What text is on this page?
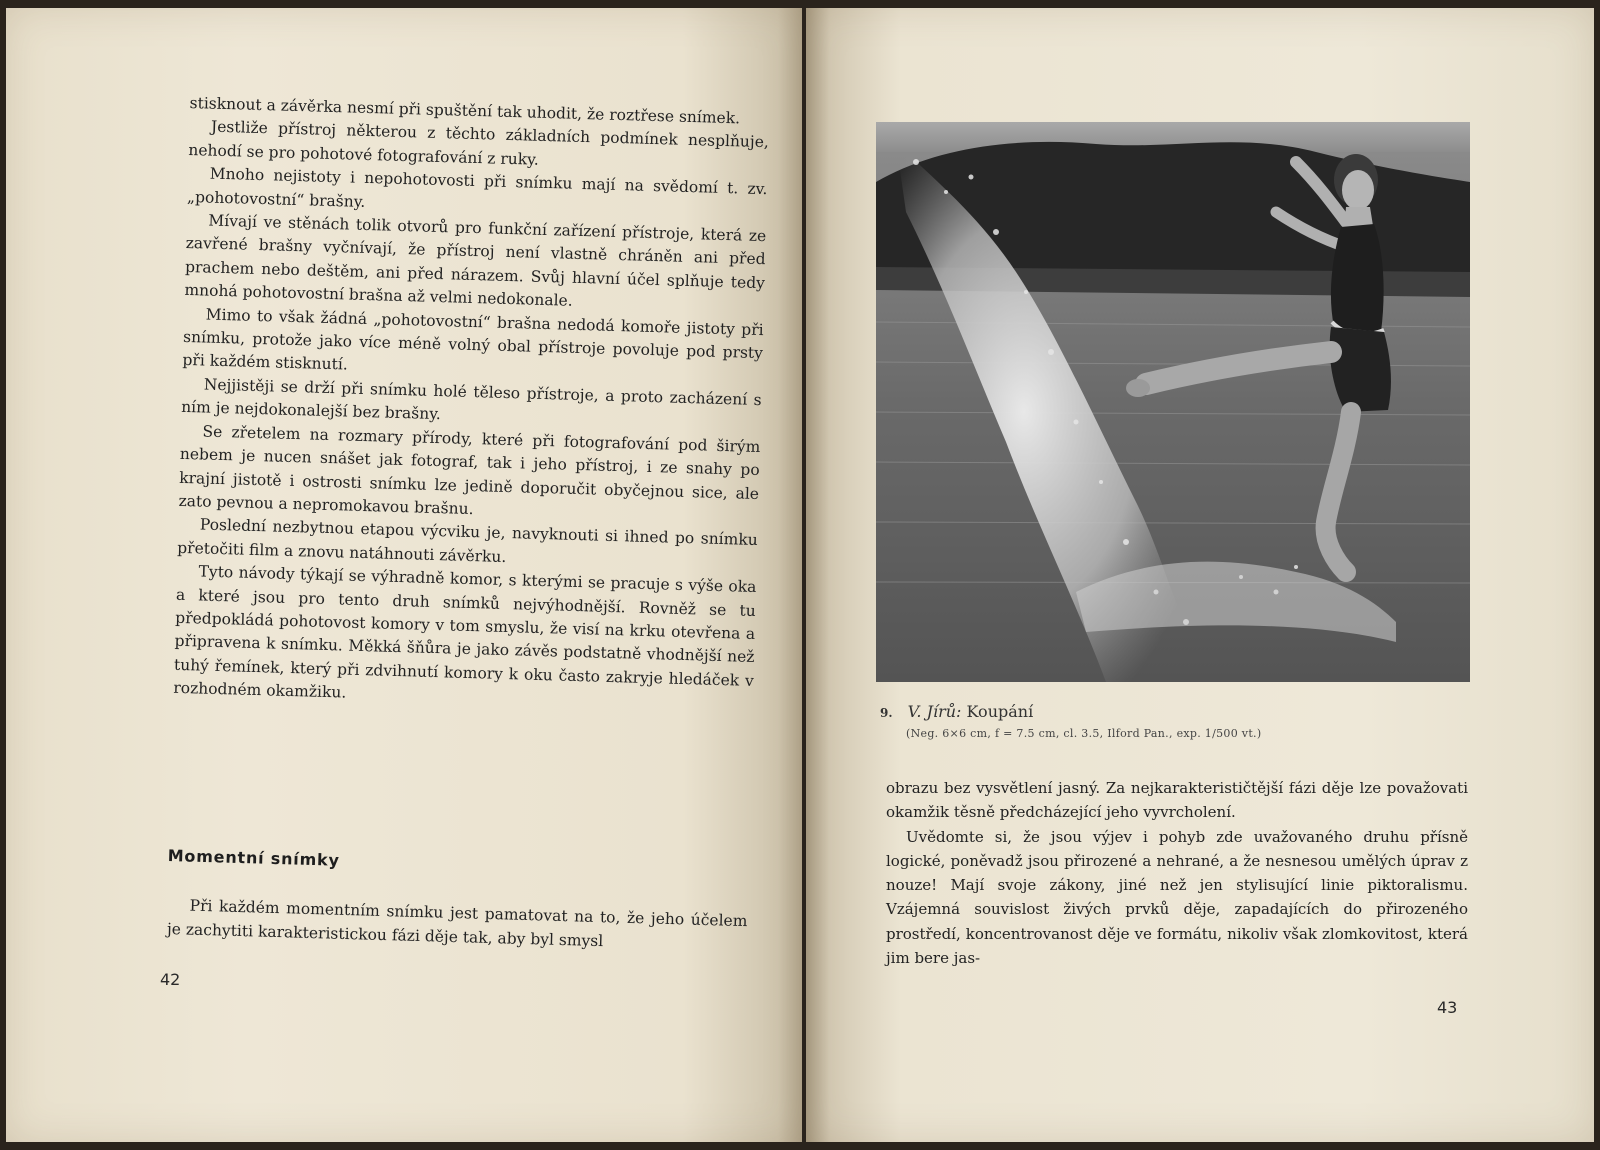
stisknout a závěrka nesmí při spuštění tak uhodit, že roztřese snímek.

Jestliže přístroj některou z těchto základních podmínek nesplňuje, nehodí se pro pohotové fotografování z ruky.

Mnoho nejistoty i nepohotovosti při snímku mají na svědomí t. zv. „pohotovostní“ brašny.

Mívají ve stěnách tolik otvorů pro funkční zařízení přístroje, která ze zavřené brašny vyčnívají, že přístroj není vlastně chráněn ani před prachem nebo deštěm, ani před nárazem. Svůj hlavní účel splňuje tedy mnohá pohotovostní brašna až velmi nedokonale.

Mimo to však žádná „pohotovostní“ brašna nedodá komoře jistoty při snímku, protože jako více méně volný obal přístroje povoluje pod prsty při každém stisknutí.

Nejjistěji se drží při snímku holé těleso přístroje, a proto zacházení s ním je nejdokonalejší bez brašny.

Se zřetelem na rozmary přírody, které při fotografování pod širým nebem je nucen snášet jak fotograf, tak i jeho přístroj, i ze snahy po krajní jistotě i ostrosti snímku lze jedině doporučit obyčejnou sice, ale zato pevnou a nepromokavou brašnu.

Poslední nezbytnou etapou výcviku je, navyknouti si ihned po snímku přetočiti film a znovu natáhnouti závěrku.

Tyto návody týkají se výhradně komor, s kterými se pracuje s výše oka a které jsou pro tento druh snímků nejvýhodnější. Rovněž se tu předpokládá pohotovost komory v tom smyslu, že visí na krku otevřena a připravena k snímku. Měkká šňůra je jako závěs podstatně vhodnější než tuhý řemínek, který při zdvihnutí komory k oku často zakryje hledáček v rozhodném okamžiku.

Momentní snímky

Při každém momentním snímku jest pamatovat na to, že jeho účelem je zachytiti karakteristickou fázi děje tak, aby byl smysl

42
9. V. Jírů: Koupání
(Neg. 6×6 cm, f = 7.5 cm, cl. 3.5, Ilford Pan., exp. 1/500 vt.)

obrazu bez vysvětlení jasný. Za nejkarakterističtější fázi děje lze považovati okamžik těsně předcházející jeho vyvrcholení.

Uvědomte si, že jsou výjev i pohyb zde uvažovaného druhu přísně logické, poněvadž jsou přirozené a nehrané, a že nesnesou umělých úprav z nouze! Mají svoje zákony, jiné než jen stylisující linie piktoralismu. Vzájemná souvislost živých prvků děje, zapadajících do přirozeného prostředí, koncentrovanost děje ve formátu, nikoliv však zlomkovitost, která jim bere jas-

43
